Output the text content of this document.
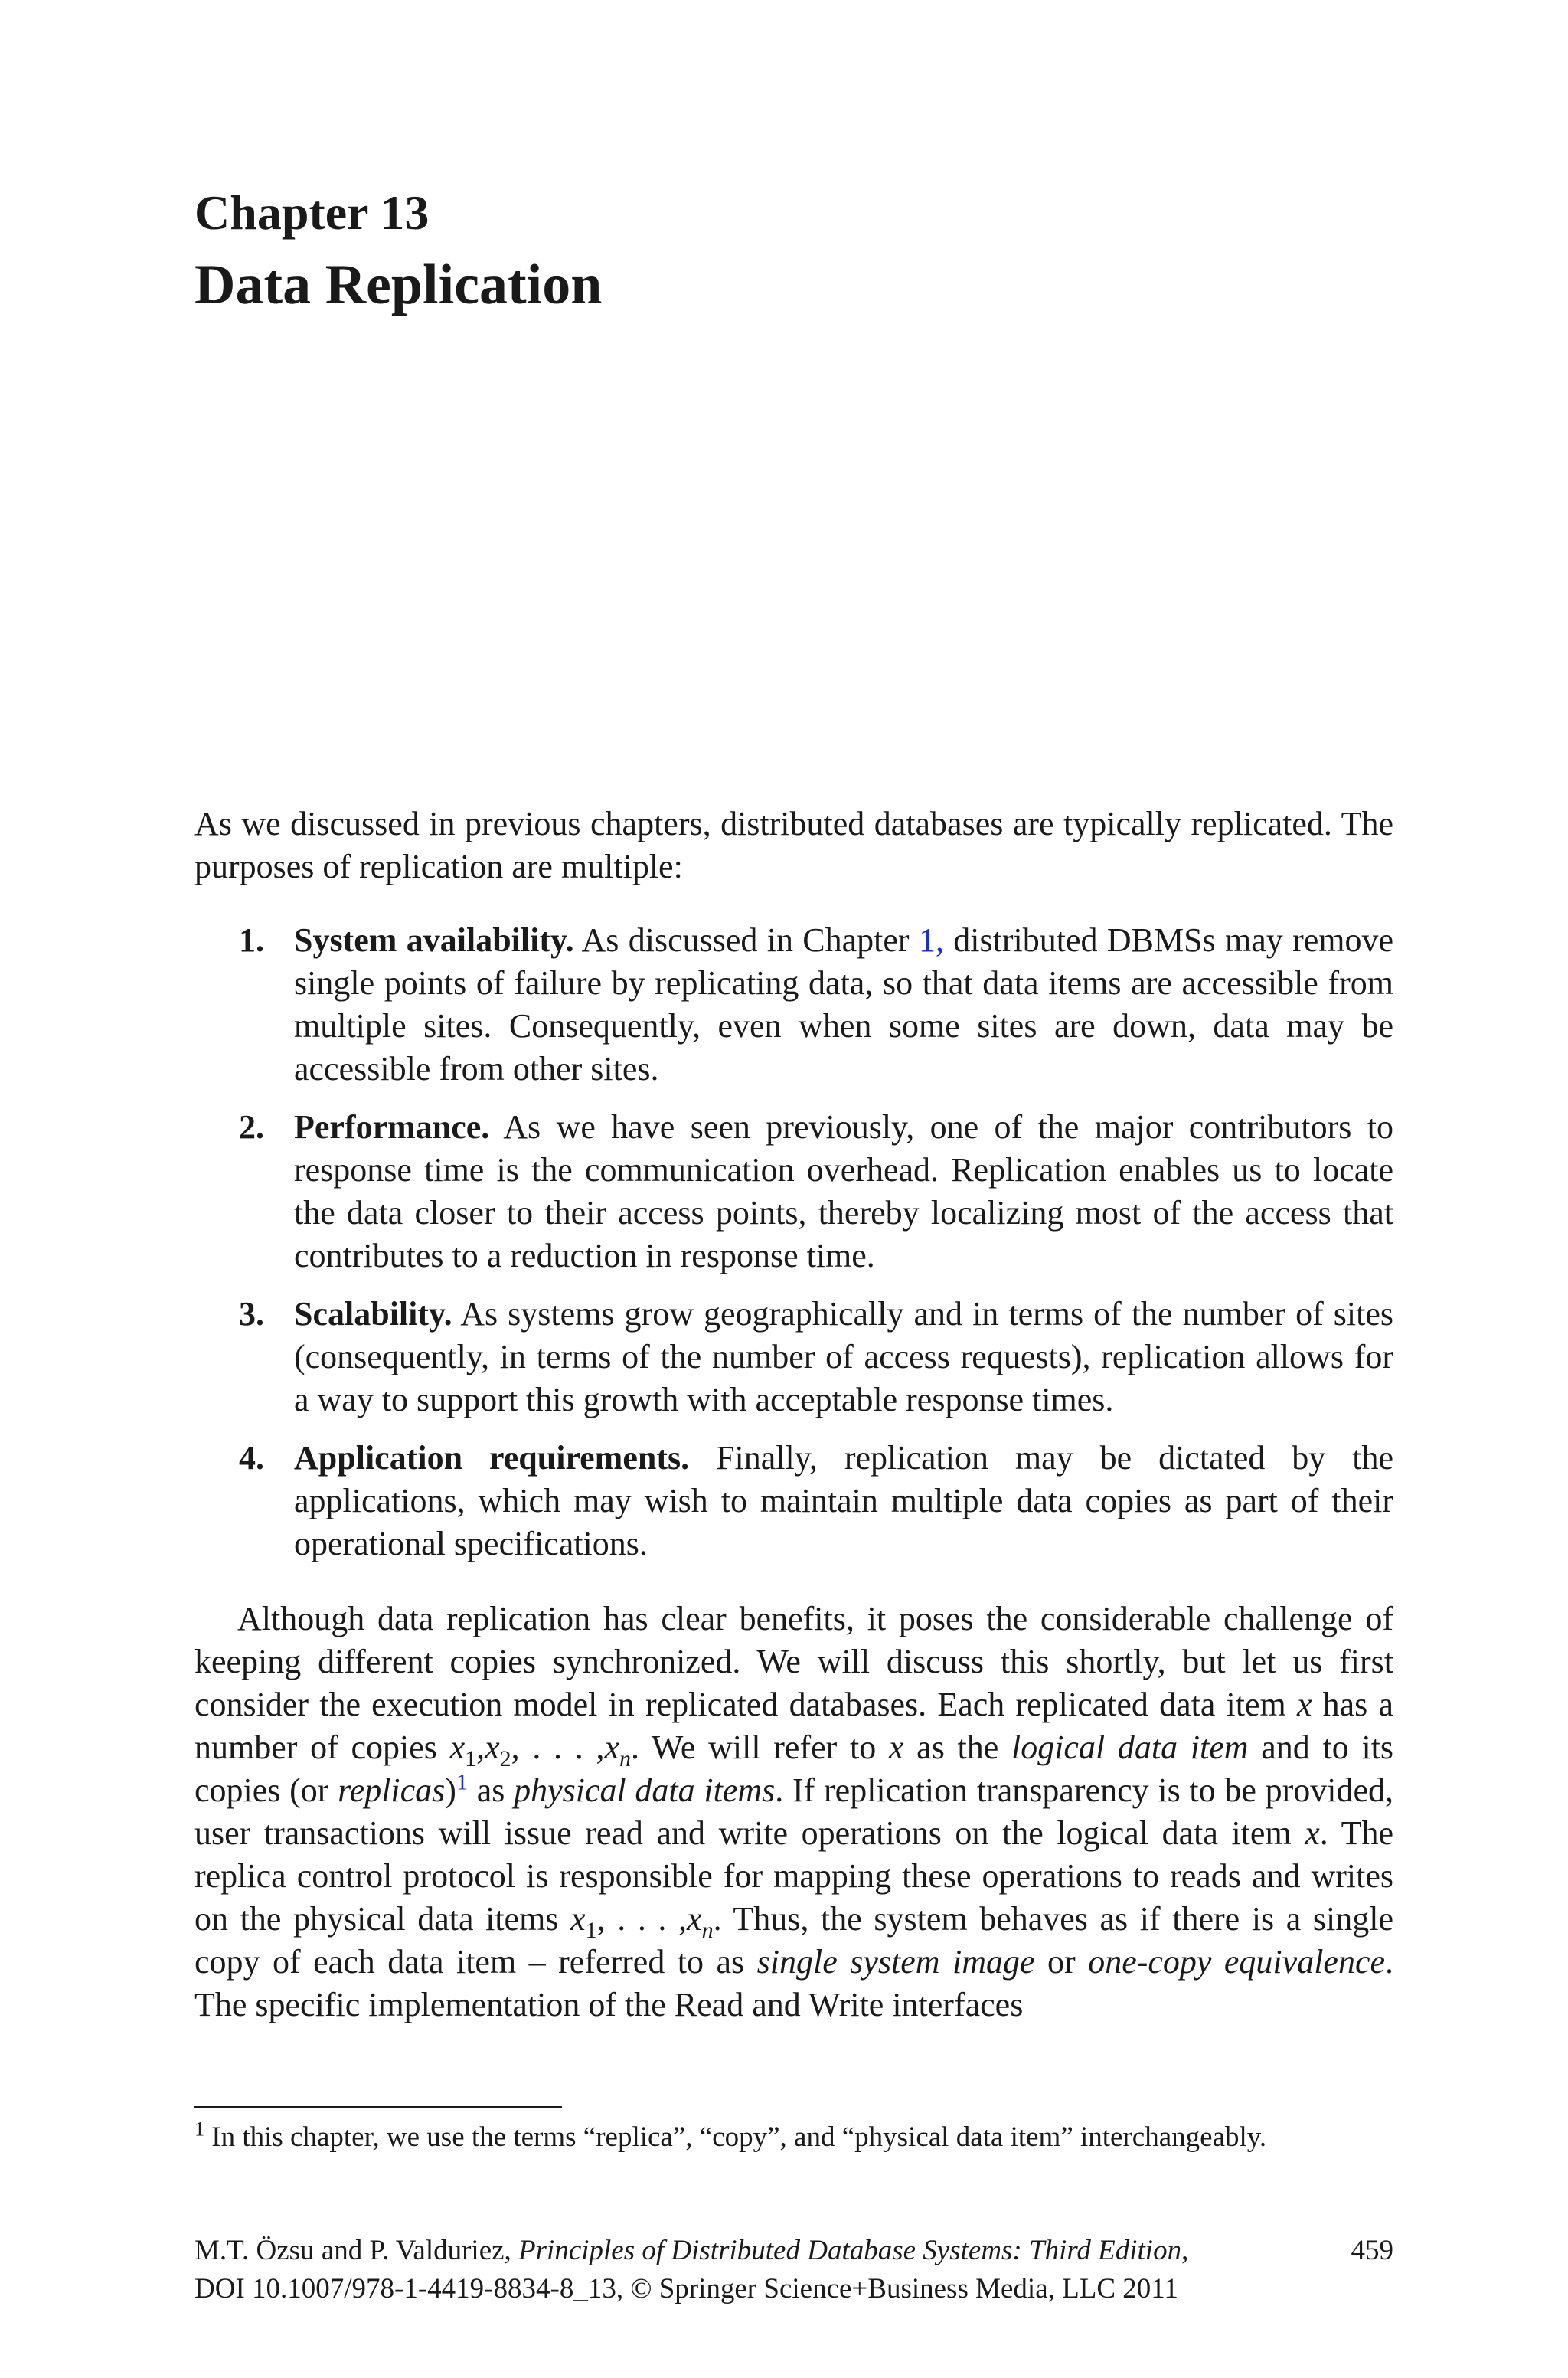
Chapter 13
Data Replication

As we discussed in previous chapters, distributed databases are typically replicated. The purposes of replication are multiple:

1. System availability. As discussed in Chapter 1, distributed DBMSs may remove single points of failure by replicating data, so that data items are accessible from multiple sites. Consequently, even when some sites are down, data may be accessible from other sites.
2. Performance. As we have seen previously, one of the major contributors to response time is the communication overhead. Replication enables us to locate the data closer to their access points, thereby localizing most of the access that contributes to a reduction in response time.
3. Scalability. As systems grow geographically and in terms of the number of sites (consequently, in terms of the number of access requests), replication allows for a way to support this growth with acceptable response times.
4. Application requirements. Finally, replication may be dictated by the applications, which may wish to maintain multiple data copies as part of their operational specifications.

Although data replication has clear benefits, it poses the considerable challenge of keeping different copies synchronized. We will discuss this shortly, but let us first consider the execution model in replicated databases. Each replicated data item x has a number of copies $x_1,x_2$, . . . $,x_n$. We will refer to x as the logical data item and to its copies (or replicas)$^1$ as physical data items. If replication transparency is to be provided, user transactions will issue read and write operations on the logical data item x. The replica control protocol is responsible for mapping these operations to reads and writes on the physical data items $x_1$, . . . $,x_n$. Thus, the system behaves as if there is a single copy of each data item – referred to as single system image or one-copy equivalence. The specific implementation of the Read and Write interfaces

$^1$ In this chapter, we use the terms “replica”, “copy”, and “physical data item” interchangeably.
M.T. Özsu and P. Valduriez, Principles of Distributed Database Systems: Third Edition,
DOI 10.1007/978-1-4419-8834-8_13, © Springer Science+Business Media, LLC 2011
459
